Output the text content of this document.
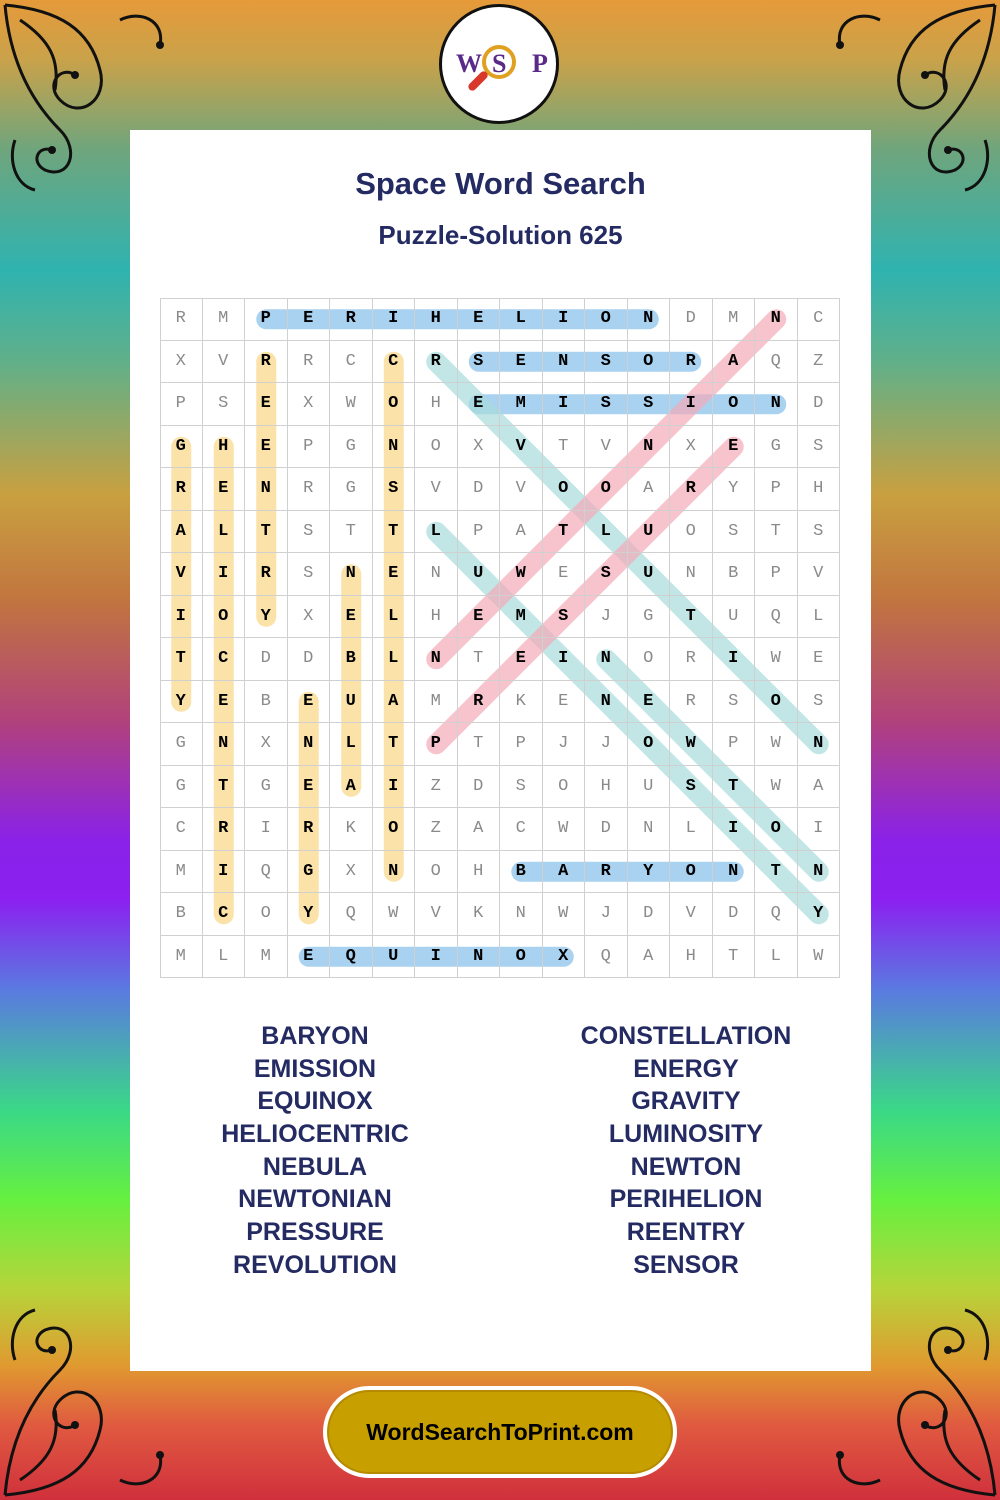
W S P
Space Word Search
Puzzle-Solution 625
R	M	P	E	R	I	H	E	L	I	O	N	D	M	N	C
X	V	R	R	C	C	R	S	E	N	S	O	R	A	Q	Z
P	S	E	X	W	O	H	E	M	I	S	S	I	O	N	D
G	H	E	P	G	N	O	X	V	T	V	N	X	E	G	S
R	E	N	R	G	S	V	D	V	O	O	A	R	Y	P	H
A	L	T	S	T	T	L	P	A	T	L	U	O	S	T	S
V	I	R	S	N	E	N	U	W	E	S	U	N	B	P	V
I	O	Y	X	E	L	H	E	M	S	J	G	T	U	Q	L
T	C	D	D	B	L	N	T	E	I	N	O	R	I	W	E
Y	E	B	E	U	A	M	R	K	E	N	E	R	S	O	S
G	N	X	N	L	T	P	T	P	J	J	O	W	P	W	N
G	T	G	E	A	I	Z	D	S	O	H	U	S	T	W	A
C	R	I	R	K	O	Z	A	C	W	D	N	L	I	O	I
M	I	Q	G	X	N	O	H	B	A	R	Y	O	N	T	N
B	C	O	Y	Q	W	V	K	N	W	J	D	V	D	Q	Y
M	L	M	E	Q	U	I	N	O	X	Q	A	H	T	L	W
BARYON
EMISSION
EQUINOX
HELIOCENTRIC
NEBULA
NEWTONIAN
PRESSURE
REVOLUTION
CONSTELLATION
ENERGY
GRAVITY
LUMINOSITY
NEWTON
PERIHELION
REENTRY
SENSOR
WordSearchToPrint.com
